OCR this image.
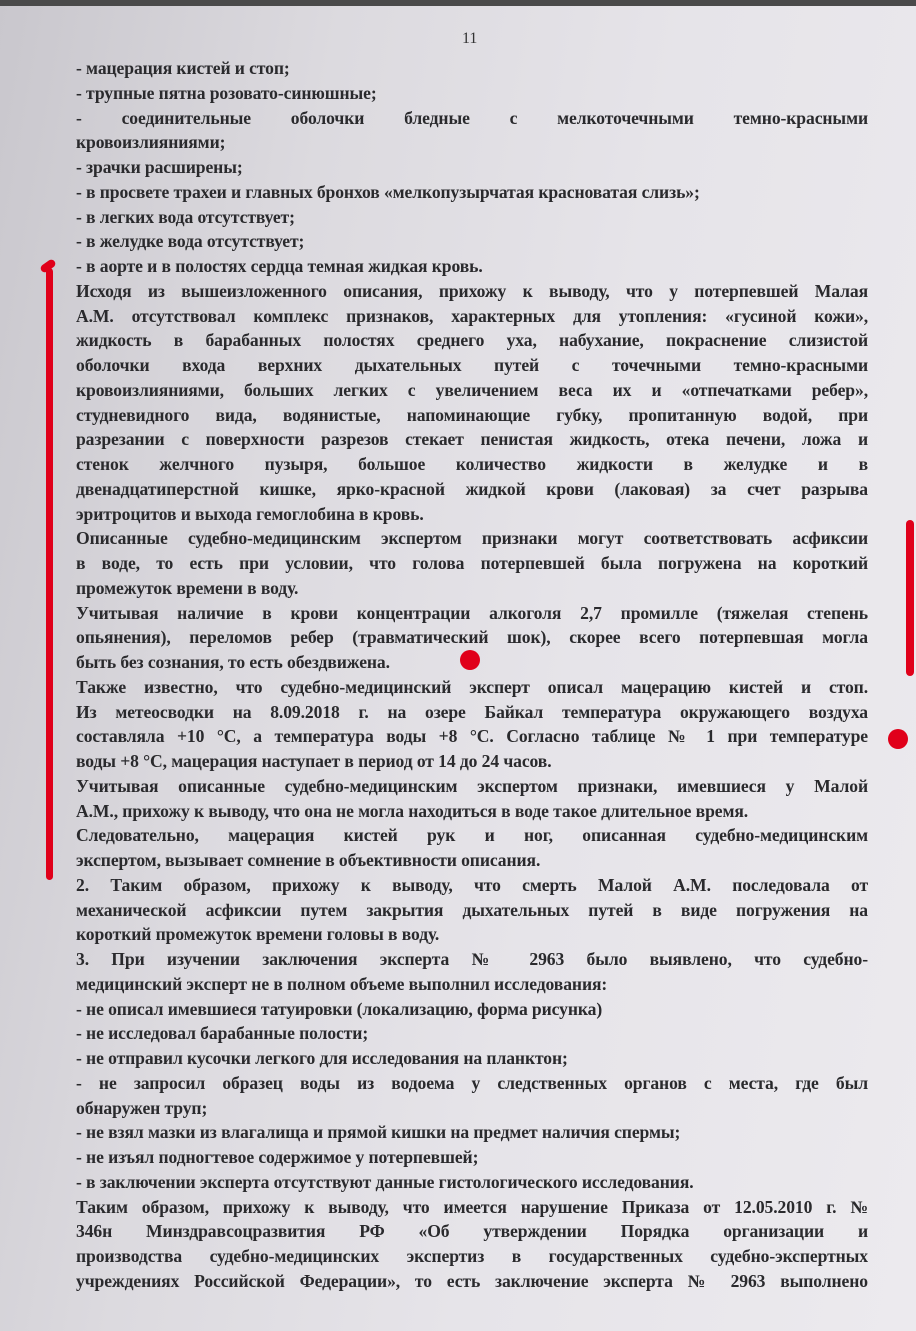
11
- мацерация кистей и стоп;
- трупные пятна розовато-синюшные;
- соединительные оболочки бледные с мелкоточечными темно-красными
кровоизлияниями;
- зрачки расширены;
- в просвете трахеи и главных бронхов «мелкопузырчатая красноватая слизь»;
- в легких вода отсутствует;
- в желудке вода отсутствует;
- в аорте и в полостях сердца темная жидкая кровь.
Исходя из вышеизложенного описания, прихожу к выводу, что у потерпевшей Малая
А.М. отсутствовал комплекс признаков, характерных для утопления: «гусиной кожи»,
жидкость в барабанных полостях среднего уха, набухание, покраснение слизистой
оболочки входа верхних дыхательных путей с точечными темно-красными
кровоизлияниями, больших легких с увеличением веса их и «отпечатками ребер»,
студневидного вида, водянистые, напоминающие губку, пропитанную водой, при
разрезании с поверхности разрезов стекает пенистая жидкость, отека печени, ложа и
стенок желчного пузыря, большое количество жидкости в желудке и в
двенадцатиперстной кишке, ярко-красной жидкой крови (лаковая) за счет разрыва
эритроцитов и выхода гемоглобина в кровь.
Описанные судебно-медицинским экспертом признаки могут соответствовать асфиксии
в воде, то есть при условии, что голова потерпевшей была погружена на короткий
промежуток времени в воду.
Учитывая наличие в крови концентрации алкоголя 2,7 промилле (тяжелая степень
опьянения), переломов ребер (травматический шок), скорее всего потерпевшая могла
быть без сознания, то есть обездвижена.
Также известно, что судебно-медицинский эксперт описал мацерацию кистей и стоп.
Из метеосводки на 8.09.2018 г. на озере Байкал температура окружающего воздуха
составляла +10 °С, а температура воды +8 °С. Согласно таблице № 1 при температуре
воды +8 °С, мацерация наступает в период от 14 до 24 часов.
Учитывая описанные судебно-медицинским экспертом признаки, имевшиеся у Малой
А.М., прихожу к выводу, что она не могла находиться в воде такое длительное время.
Следовательно, мацерация кистей рук и ног, описанная судебно-медицинским
экспертом, вызывает сомнение в объективности описания.
2. Таким образом, прихожу к выводу, что смерть Малой А.М. последовала от
механической асфиксии путем закрытия дыхательных путей в виде погружения на
короткий промежуток времени головы в воду.
3. При изучении заключения эксперта № 2963 было выявлено, что судебно-
медицинский эксперт не в полном объеме выполнил исследования:
- не описал имевшиеся татуировки (локализацию, форма рисунка)
- не исследовал барабанные полости;
- не отправил кусочки легкого для исследования на планктон;
- не запросил образец воды из водоема у следственных органов с места, где был
обнаружен труп;
- не взял мазки из влагалища и прямой кишки на предмет наличия спермы;
- не изъял подногтевое содержимое у потерпевшей;
- в заключении эксперта отсутствуют данные гистологического исследования.
Таким образом, прихожу к выводу, что имеется нарушение Приказа от 12.05.2010 г. №
346н Минздравсоцразвития РФ «Об утверждении Порядка организации и
производства судебно-медицинских экспертиз в государственных судебно-экспертных
учреждениях Российской Федерации», то есть заключение эксперта № 2963 выполнено
